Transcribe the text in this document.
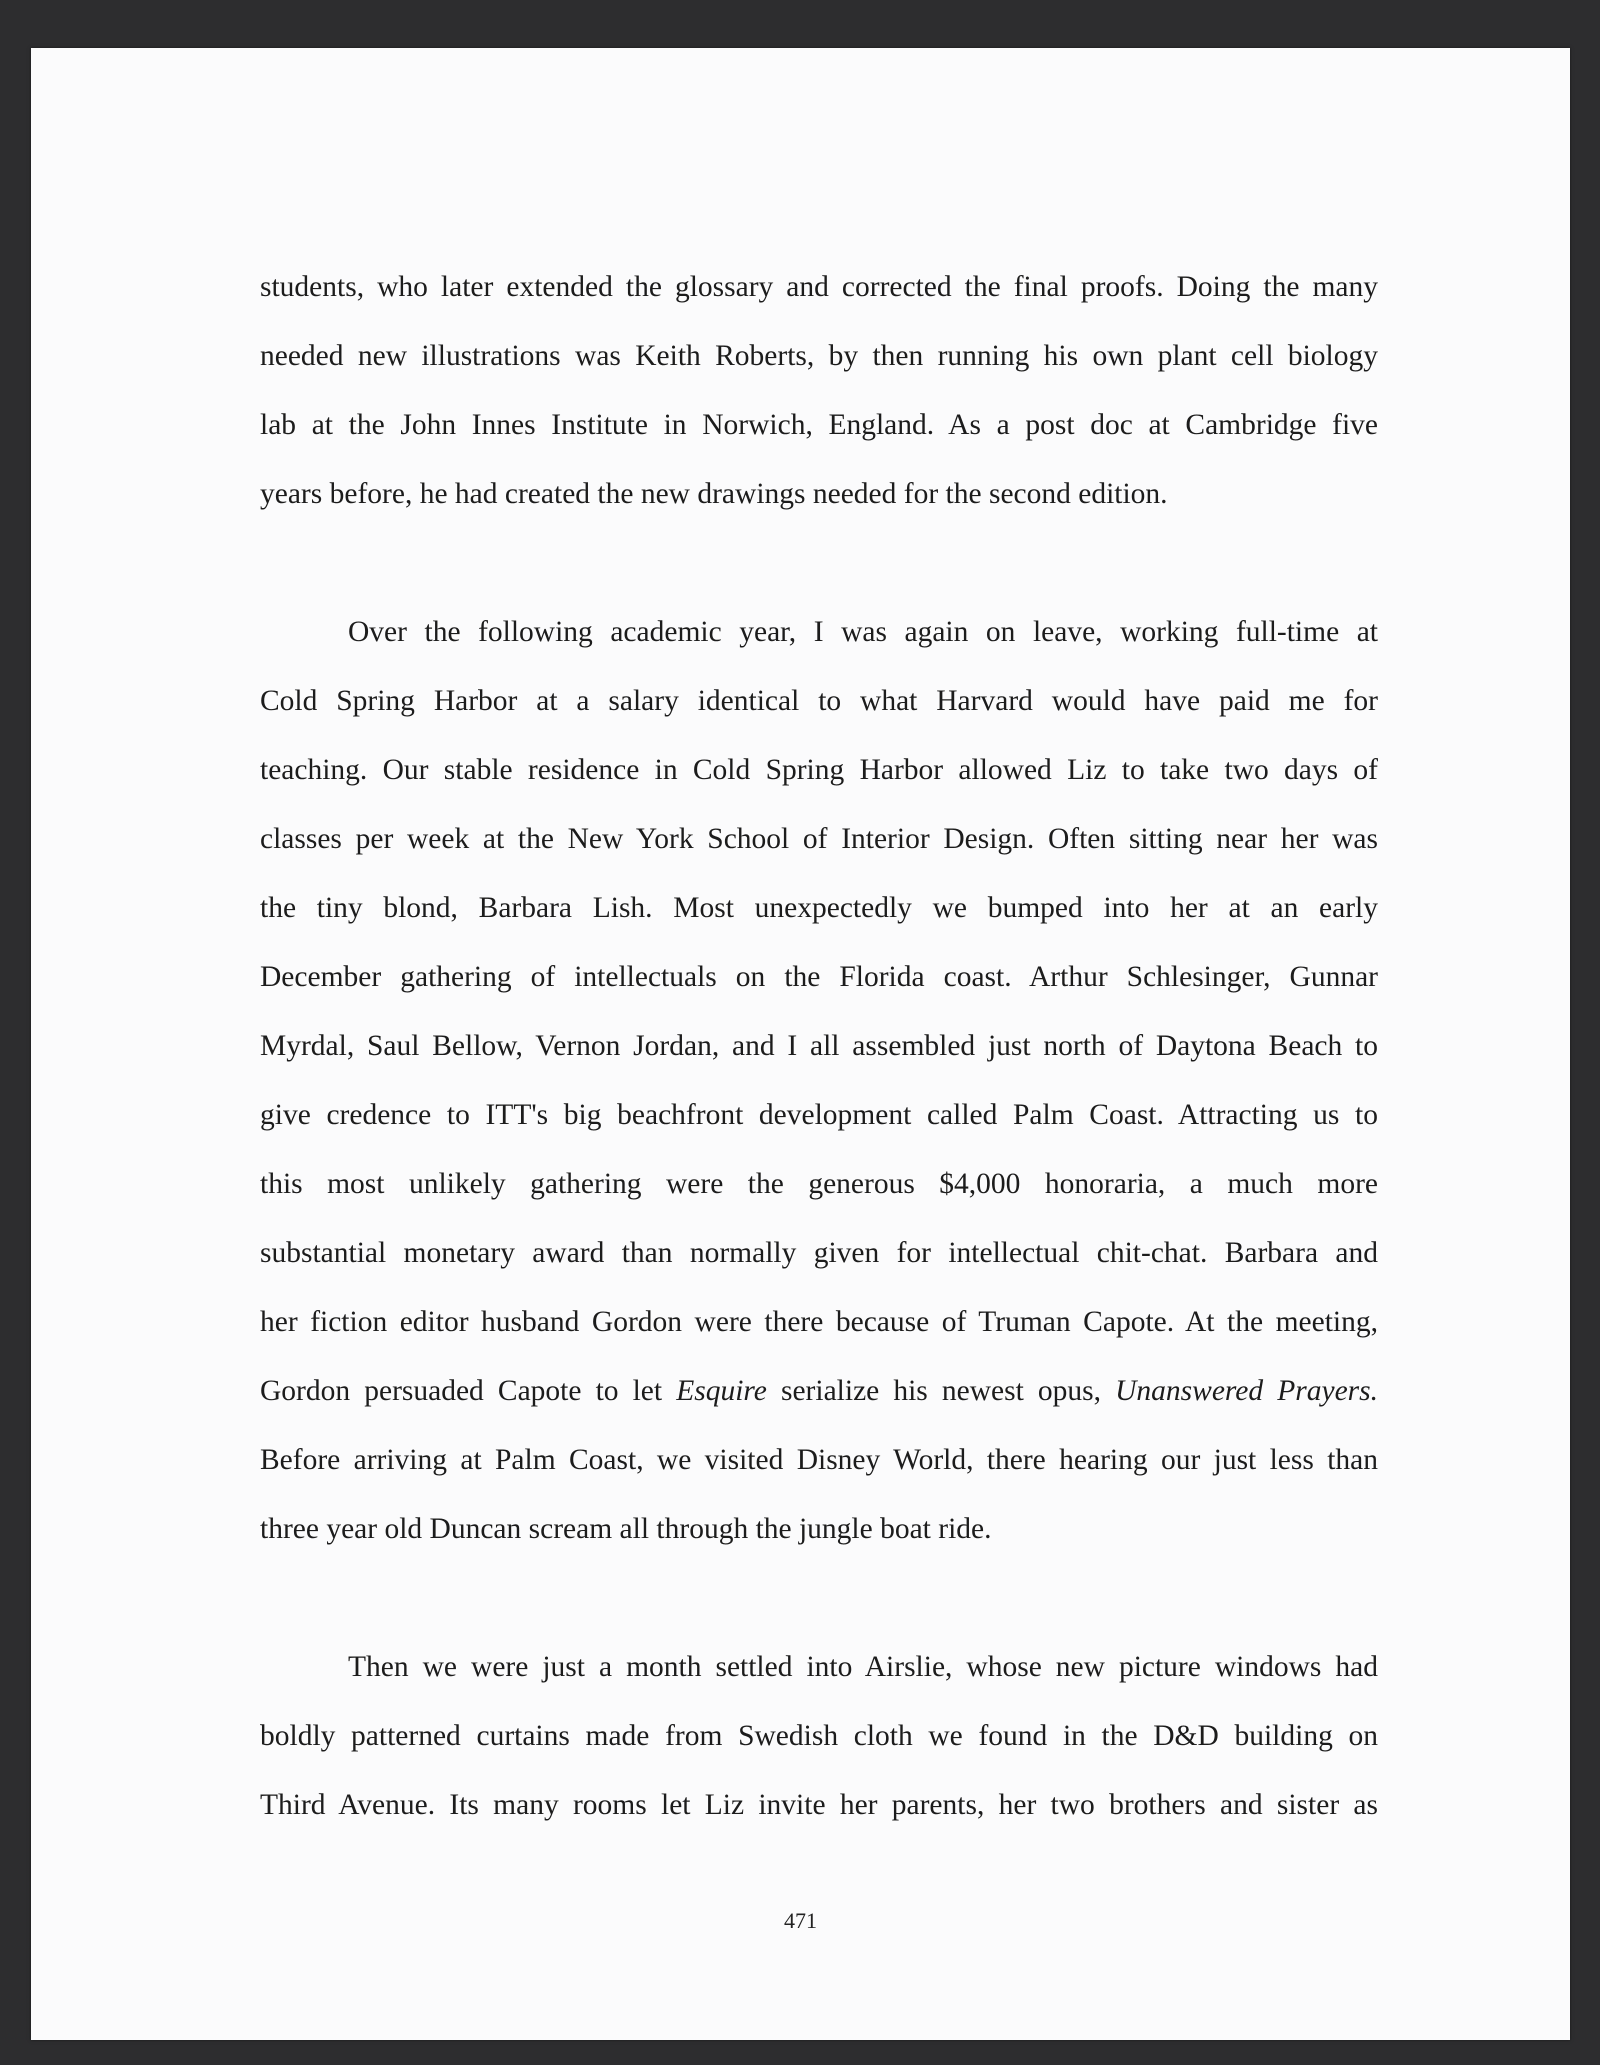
students, who later extended the glossary and corrected the final proofs. Doing the many
needed new illustrations was Keith Roberts, by then running his own plant cell biology
lab at the John Innes Institute in Norwich, England. As a post doc at Cambridge five
years before, he had created the new drawings needed for the second edition.

Over the following academic year, I was again on leave, working full-time at
Cold Spring Harbor at a salary identical to what Harvard would have paid me for
teaching. Our stable residence in Cold Spring Harbor allowed Liz to take two days of
classes per week at the New York School of Interior Design. Often sitting near her was
the tiny blond, Barbara Lish. Most unexpectedly we bumped into her at an early
December gathering of intellectuals on the Florida coast. Arthur Schlesinger, Gunnar
Myrdal, Saul Bellow, Vernon Jordan, and I all assembled just north of Daytona Beach to
give credence to ITT's big beachfront development called Palm Coast. Attracting us to
this most unlikely gathering were the generous $4,000 honoraria, a much more
substantial monetary award than normally given for intellectual chit-chat. Barbara and
her fiction editor husband Gordon were there because of Truman Capote. At the meeting,
Gordon persuaded Capote to let Esquire serialize his newest opus, Unanswered Prayers.
Before arriving at Palm Coast, we visited Disney World, there hearing our just less than
three year old Duncan scream all through the jungle boat ride.

Then we were just a month settled into Airslie, whose new picture windows had
boldly patterned curtains made from Swedish cloth we found in the D&D building on
Third Avenue. Its many rooms let Liz invite her parents, her two brothers and sister as

471
